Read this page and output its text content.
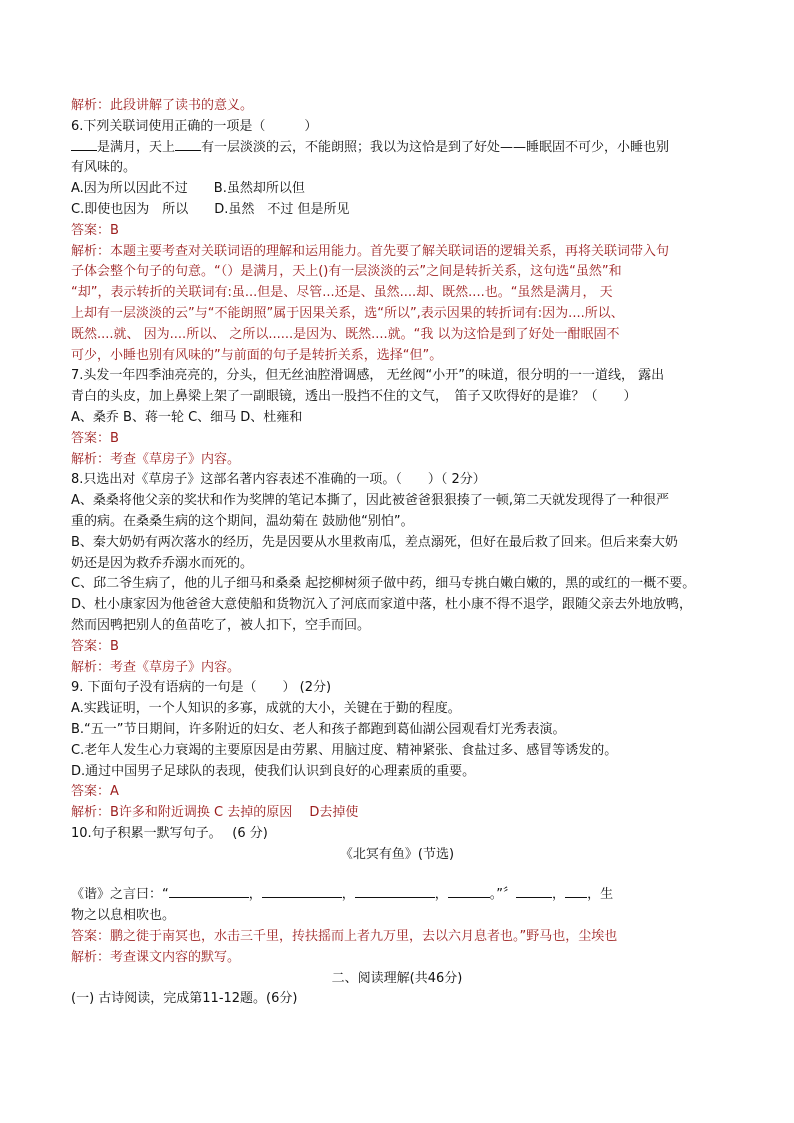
解析：此段讲解了读书的意义。
6.下列关联词使用正确的一项是（　　　）
是满月，天上 有一层淡淡的云，不能朗照；我以为这恰是到了好处——睡眠固不可少，小睡也别
有风味的。
A.因为所以因此不过　　B.虽然却所以但
C.即使也因为　所以　　D.虽然　不过 但是所见
答案：B
解析：本题主要考查对关联词语的理解和运用能力。首先要了解关联词语的逻辑关系，再将关联词带入句
子体会整个句子的句意。“（）是满月，天上()有一层淡淡的云”之间是转折关系，这句选“虽然”和
“却”，表示转折的关联词有:虽...但是、尽管...还是、虽然....却、既然....也。“虽然是满月， 天
上却有一层淡淡的云”与“不能朗照”属于因果关系，选“所以”,表示因果的转折词有:因为....所以、
既然....就、 因为....所以、 之所以......是因为、既然....就。“我 以为这恰是到了好处一酣眠固不
可少，小睡也别有风味的”与前面的句子是转折关系，选择“但”。
7.头发一年四季油亮亮的，分头，但无丝油腔滑调感， 无丝阀“小开”的味道，很分明的一一道线， 露出
青白的头皮，加上鼻梁上架了一副眼镜，透出一股挡不住的文气，　笛子又吹得好的是谁？（　　）
A、桑乔 B、蒋一轮 C、细马 D、杜雍和
答案：B
解析：考查《草房子》内容。
8.只选出对《草房子》这部名著内容表述不准确的一项。（　　）（ 2分）
A、桑桑将他父亲的奖状和作为奖牌的笔记本撕了，因此被爸爸狠狠揍了一顿,第二天就发现得了一种很严
重的病。在桑桑生病的这个期间，温幼菊在 鼓励他“别怕”。
B、秦大奶奶有两次落水的经历，先是因要从水里救南瓜，差点溺死，但好在最后救了回来。但后来秦大奶
奶还是因为救乔乔溺水而死的。
C、邱二爷生病了，他的儿子细马和桑桑 起挖柳树须子做中药，细马专挑白嫩白嫩的，黑的或红的一概不要。
D、杜小康家因为他爸爸大意使船和货物沉入了河底而家道中落，杜小康不得不退学，跟随父亲去外地放鸭，
然而因鸭把别人的鱼苗吃了，被人扣下，空手而回。
答案：B
解析：考查《草房子》内容。
9. 下面句子没有语病的一句是（　　） (2分)
A.实践证明，一个人知识的多寡，成就的大小，关键在于勤的程度。
B.“五一”节日期间，许多附近的妇女、老人和孩子都跑到葛仙湖公园观看灯光秀表演。
C.老年人发生心力衰竭的主要原因是由劳累、用脑过度、精神紧张、食盐过多、感冒等诱发的。
D.通过中国男子足球队的表现，使我们认识到良好的心理素质的重要。
答案：A
解析：B许多和附近调换 C 去掉的原因　 D去掉使
10.句子积累一默写句子。　 (6 分)
《北冥有鱼》(节选)
《谐》之言曰：“	，	，	，	。”〞	， ，生
物之以息相吹也。
答案：鹏之徙于南冥也，水击三千里，抟扶摇而上者九万里，去以六月息者也。”野马也，尘埃也
解析：考查课文内容的默写。
二、阅读理解(共46分)
(一) 古诗阅读，完成第11-12题。(6分)
